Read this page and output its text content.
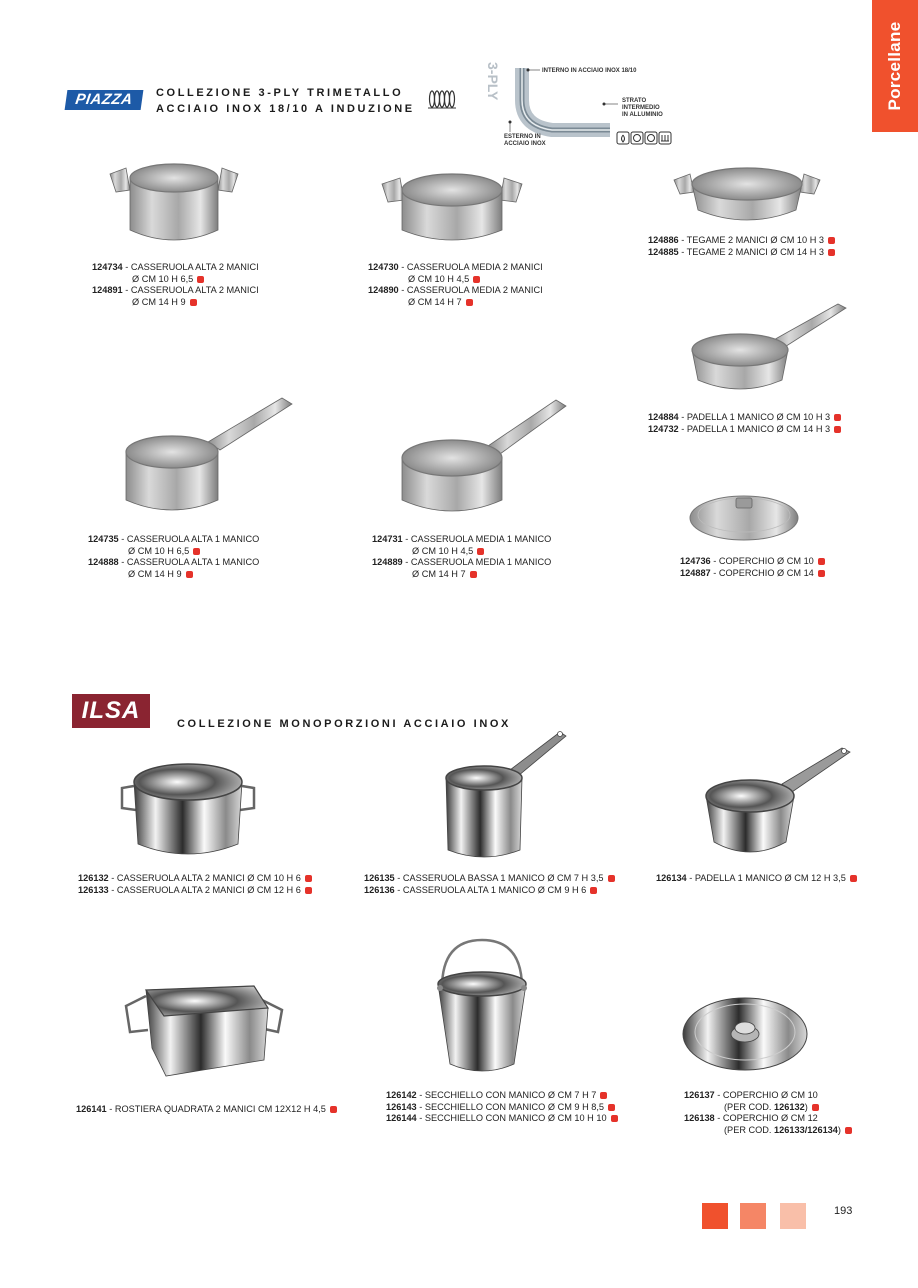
Porcellane
PIAZZA	COLLEZIONE 3-PLY TRIMETALLO
ACCIAIO INOX 18/10 A INDUZIONE
3-PLY	INTERNO IN ACCIAIO INOX 18/10
STRATO
INTERMEDIO
IN ALLUMINIO
ESTERNO IN
ACCIAIO INOX
124734 - CASSERUOLA ALTA 2 MANICI
Ø CM 10 H 6,5
124891 - CASSERUOLA ALTA 2 MANICI
Ø CM 14 H 9
124730 - CASSERUOLA MEDIA 2 MANICI
Ø CM 10 H 4,5
124890 - CASSERUOLA MEDIA 2 MANICI
Ø CM 14 H 7
124886 - TEGAME 2 MANICI Ø CM 10 H 3
124885 - TEGAME 2 MANICI Ø CM 14 H 3
124884 - PADELLA 1 MANICO Ø CM 10 H 3
124732 - PADELLA 1 MANICO Ø CM 14 H 3
124735 - CASSERUOLA ALTA 1 MANICO
Ø CM 10 H 6,5
124888 - CASSERUOLA ALTA 1 MANICO
Ø CM 14 H 9
124731 - CASSERUOLA MEDIA 1 MANICO
Ø CM 10 H 4,5
124889 - CASSERUOLA MEDIA 1 MANICO
Ø CM 14 H 7
124736 - COPERCHIO Ø CM 10
124887 - COPERCHIO Ø CM 14
ILSA	COLLEZIONE MONOPORZIONI ACCIAIO INOX
126132 - CASSERUOLA ALTA 2 MANICI Ø CM 10 H 6
126133 - CASSERUOLA ALTA 2 MANICI Ø CM 12 H 6
126135 - CASSERUOLA BASSA 1 MANICO Ø CM 7 H 3,5
126136 - CASSERUOLA ALTA 1 MANICO Ø CM 9 H 6
126134 - PADELLA 1 MANICO Ø CM 12 H 3,5
126141 - ROSTIERA QUADRATA 2 MANICI CM 12X12 H 4,5
126142 - SECCHIELLO CON MANICO Ø CM 7 H 7
126143 - SECCHIELLO CON MANICO Ø CM 9 H 8,5
126144 - SECCHIELLO CON MANICO Ø CM 10 H 10
126137 - COPERCHIO Ø CM 10
(PER COD. 126132)
126138 - COPERCHIO Ø CM 12
(PER COD. 126133/126134)
193
